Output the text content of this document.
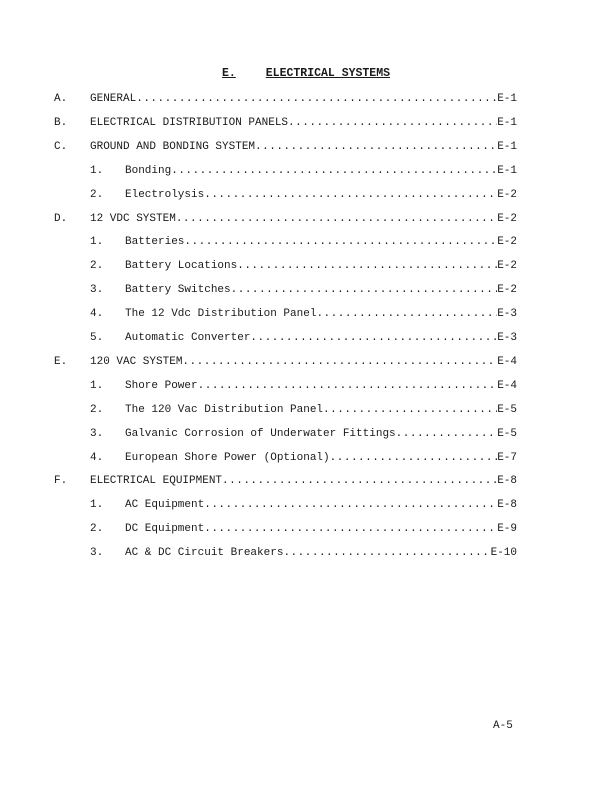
E.	ELECTRICAL SYSTEMS
A. GENERAL .....	E-1
B. ELECTRICAL DISTRIBUTION PANELS .....	E-1
C. GROUND AND BONDING SYSTEM .....	E-1
1. Bonding .....	E-1
2. Electrolysis .....	E-2
D. 12 VDC SYSTEM .....	E-2
1. Batteries .....	E-2
2. Battery Locations .....	E-2
3. Battery Switches .....	E-2
4. The 12 Vdc Distribution Panel .....	E-3
5. Automatic Converter .....	E-3
E. 120 VAC SYSTEM .....	E-4
1. Shore Power .....	E-4
2. The 120 Vac Distribution Panel .....	E-5
3. Galvanic Corrosion of Underwater Fittings .....	E-5
4. European Shore Power (Optional) .....	E-7
F. ELECTRICAL EQUIPMENT .....	E-8
1. AC Equipment .....	E-8
2. DC Equipment .....	E-9
3. AC & DC Circuit Breakers .....	E-10
A-5
